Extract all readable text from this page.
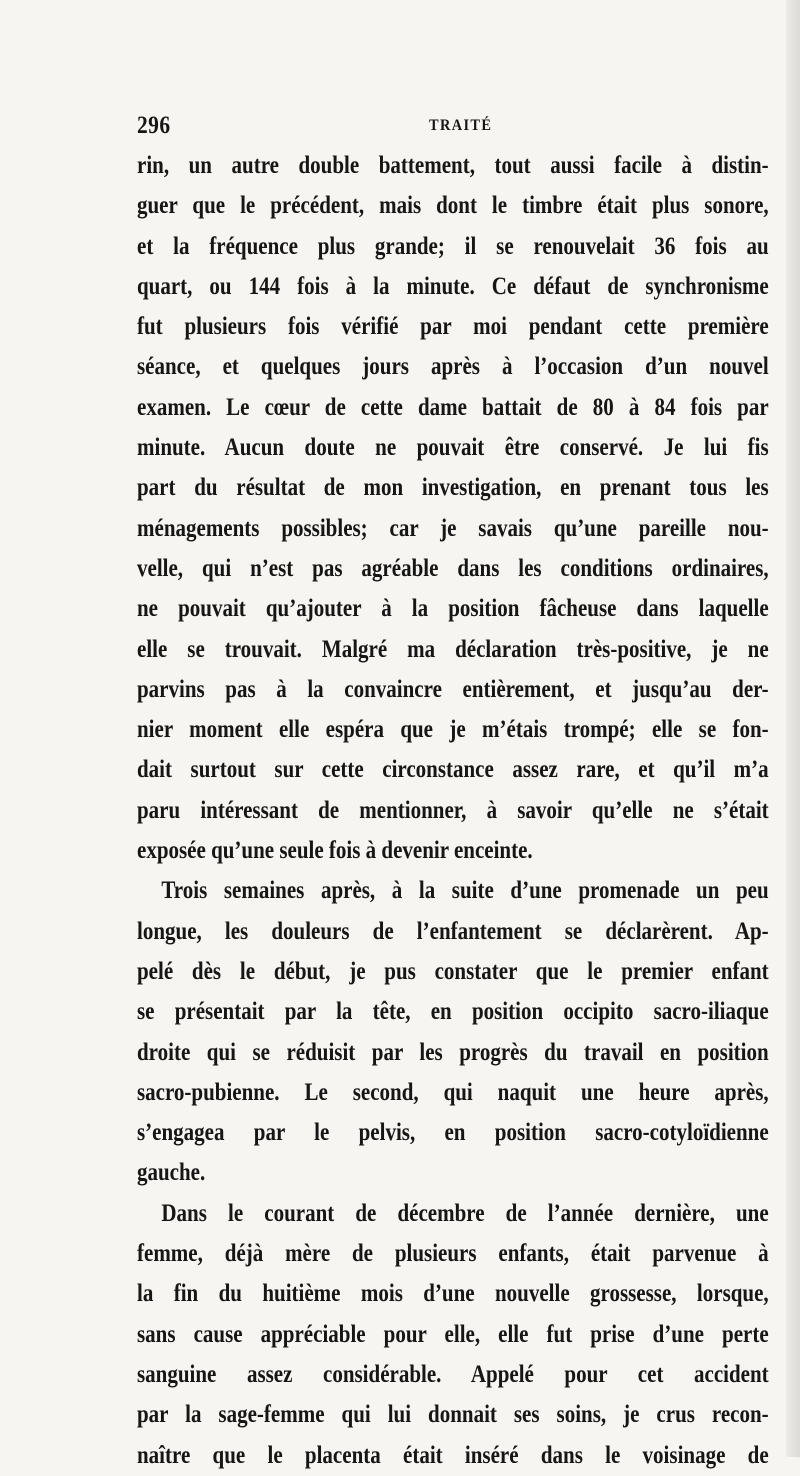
296	TRAITÉ
rin, un autre double battement, tout aussi facile à distin-
guer que le précédent, mais dont le timbre était plus sonore,
et la fréquence plus grande; il se renouvelait 36 fois au
quart, ou 144 fois à la minute. Ce défaut de synchronisme
fut plusieurs fois vérifié par moi pendant cette première
séance, et quelques jours après à l’occasion d’un nouvel
examen. Le cœur de cette dame battait de 80 à 84 fois par
minute. Aucun doute ne pouvait être conservé. Je lui fis
part du résultat de mon investigation, en prenant tous les
ménagements possibles; car je savais qu’une pareille nou-
velle, qui n’est pas agréable dans les conditions ordinaires,
ne pouvait qu’ajouter à la position fâcheuse dans laquelle
elle se trouvait. Malgré ma déclaration très-positive, je ne
parvins pas à la convaincre entièrement, et jusqu’au der-
nier moment elle espéra que je m’étais trompé; elle se fon-
dait surtout sur cette circonstance assez rare, et qu’il m’a
paru intéressant de mentionner, à savoir qu’elle ne s’était
exposée qu’une seule fois à devenir enceinte.
Trois semaines après, à la suite d’une promenade un peu
longue, les douleurs de l’enfantement se déclarèrent. Ap-
pelé dès le début, je pus constater que le premier enfant
se présentait par la tête, en position occipito sacro-iliaque
droite qui se réduisit par les progrès du travail en position
sacro-pubienne. Le second, qui naquit une heure après,
s’engagea par le pelvis, en position sacro-cotyloïdienne
gauche.
Dans le courant de décembre de l’année dernière, une
femme, déjà mère de plusieurs enfants, était parvenue à
la fin du huitième mois d’une nouvelle grossesse, lorsque,
sans cause appréciable pour elle, elle fut prise d’une perte
sanguine assez considérable. Appelé pour cet accident
par la sage-femme qui lui donnait ses soins, je crus recon-
naître que le placenta était inséré dans le voisinage de
